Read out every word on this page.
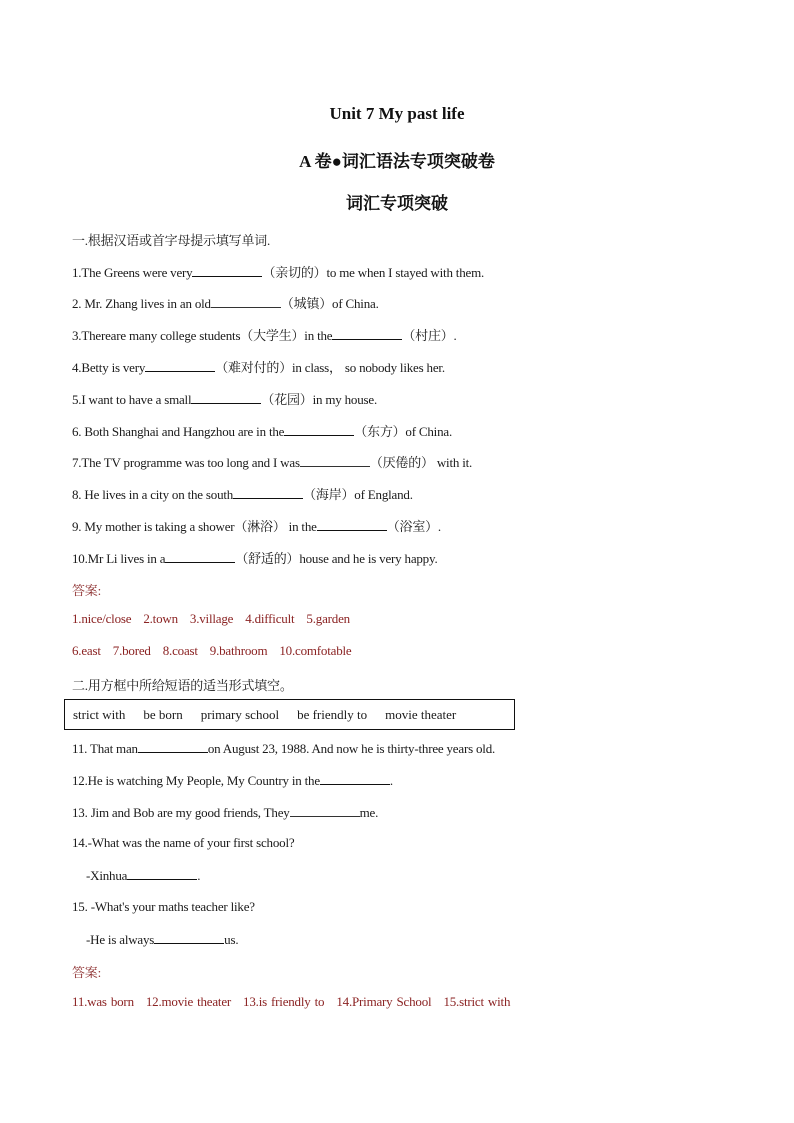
Unit 7 My past life
A 卷●词汇语法专项突破卷
词汇专项突破
一.根据汉语或首字母提示填写单词.
1.The Greens were very	（亲切的）to me when I stayed with them.
2. Mr. Zhang lives in an old	（城镇）of China.
3.Thereare many college students（大学生）in the	（村庄）.
4.Betty is very	（难对付的）in class， so nobody likes her.
5.I want to have a small	（花园）in my house.
6. Both Shanghai and Hangzhou are in the	（东方）of China.
7.The TV programme was too long and I was	（厌倦的） with it.
8. He lives in a city on the south	（海岸）of England.
9. My mother is taking a shower（淋浴） in the	（浴室）.
10.Mr Li lives in a	（舒适的）house and he is very happy.
答案:
1.nice/close 2.town 3.village 4.difficult 5.garden
6.east 7.bored 8.coast 9.bathroom 10.comfotable
二.用方框中所给短语的适当形式填空。
strict with be born primary school be friendly to movie theater
11. That man	on August 23, 1988. And now he is thirty-three years old.
12.He is watching My People, My Country in the	.
13. Jim and Bob are my good friends, They	me.
14.-What was the name of your first school?
-Xinhua	.
15. -What's your maths teacher like?
-He is always	us.
答案:
11.was born 12.movie theater 13.is friendly to 14.Primary School 15.strict with
